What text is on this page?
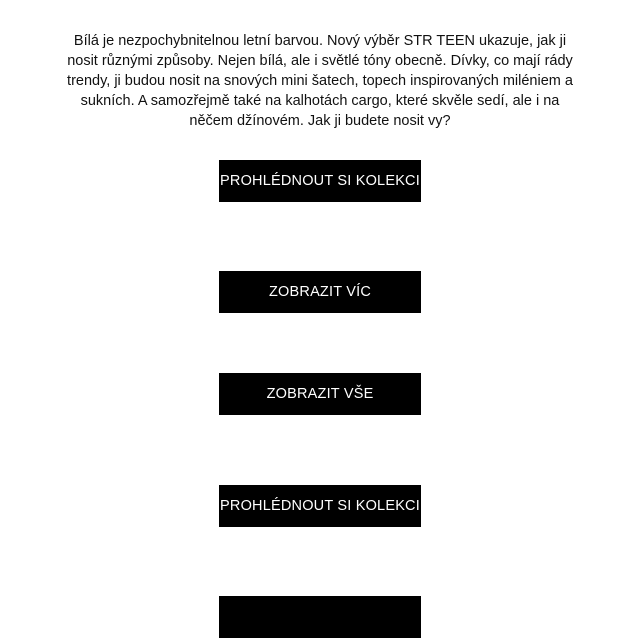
Bílá je nezpochybnitelnou letní barvou. Nový výběr STR TEEN ukazuje, jak ji nosit různými způsoby. Nejen bílá, ale i světlé tóny obecně. Dívky, co mají rády trendy, ji budou nosit na snových mini šatech, topech inspirovaných miléniem a sukních. A samozřejmě také na kalhotách cargo, které skvěle sedí, ale i na něčem džínovém. Jak ji budete nosit vy?

PROHLÉDNOUT SI KOLEKCI
ZOBRAZIT VÍC
ZOBRAZIT VŠE
PROHLÉDNOUT SI KOLEKCI
